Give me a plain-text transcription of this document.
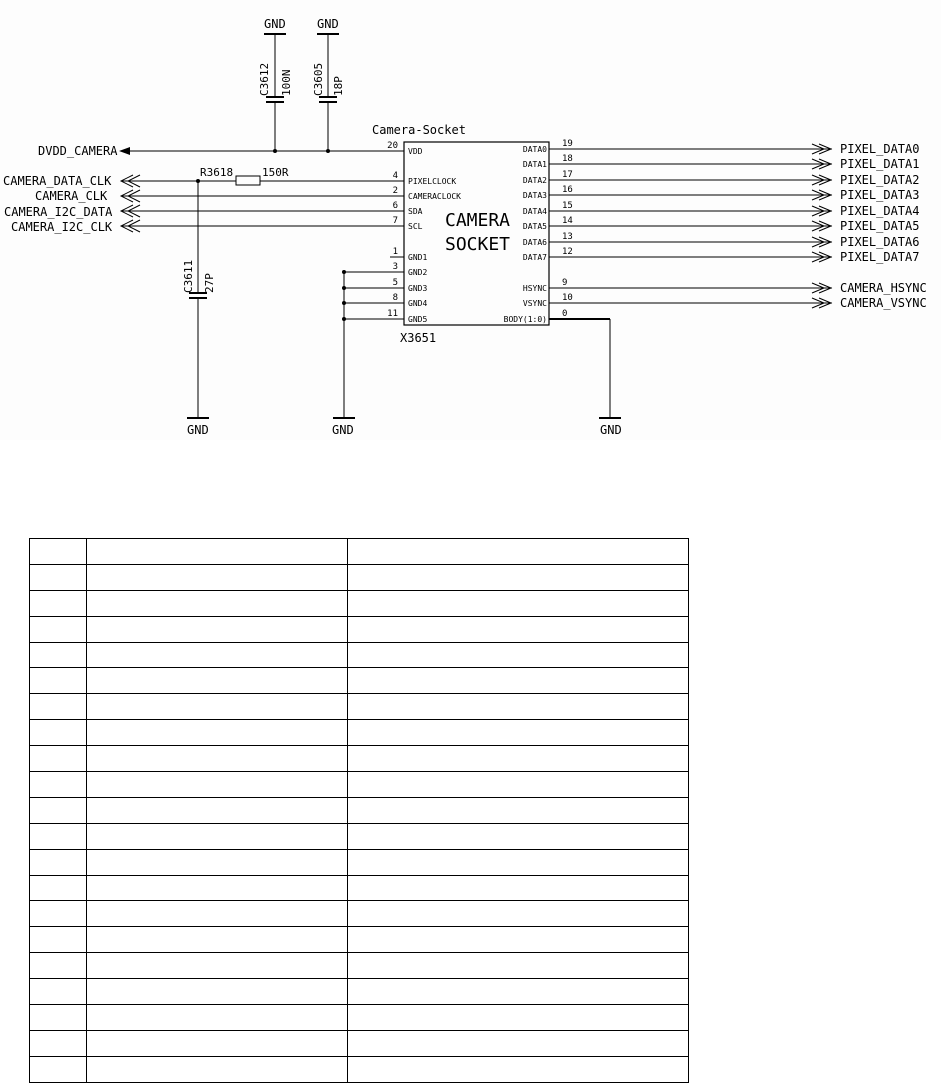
GND	GND
C3612 100N C3605 18P
Camera-Socket
X3651
CAMERA
SOCKET
DVDD_CAMERA
CAMERA_DATA_CLK
R3618	150R
CAMERA_CLK
CAMERA_I2C_DATA
CAMERA_I2C_CLK
C3611 27P
GND	GND	GND
20
VDD
4
PIXELCLOCK
2
CAMERACLOCK
6
SDA
7
SCL
1
GND1
3
GND2
5
GND3
8
GND4
11
GND5
DATA0
19
DATA1
18
DATA2
17
DATA3
16
DATA4
15
DATA5
14
DATA6
13
DATA7
12
HSYNC
9
VSYNC
10
BODY(1:0)
0
PIXEL_DATA0
PIXEL_DATA1
PIXEL_DATA2
PIXEL_DATA3
PIXEL_DATA4
PIXEL_DATA5
PIXEL_DATA6
PIXEL_DATA7
CAMERA_HSYNC
CAMERA_VSYNC
